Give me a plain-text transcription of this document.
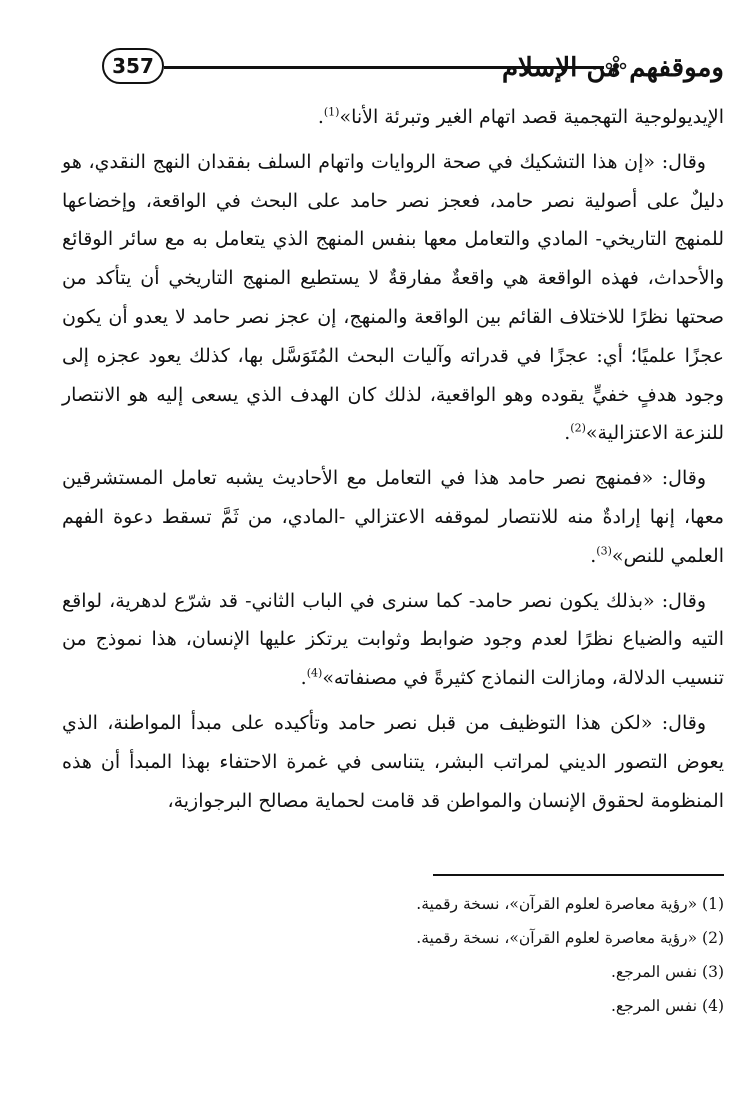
357	وموقفهم من الإسلام

الإيديولوجية التهجمية قصد اتهام الغير وتبرئة الأنا»$^{(1)}$.

وقال: «إن هذا التشكيك في صحة الروايات واتهام السلف بفقدان النهج النقدي، هو دليلٌ على أصولية نصر حامد، فعجز نصر حامد على البحث في الواقعة، وإخضاعها للمنهج التاريخي- المادي والتعامل معها بنفس المنهج الذي يتعامل به مع سائر الوقائع والأحداث، فهذه الواقعة هي واقعةٌ مفارقةٌ لا يستطيع المنهج التاريخي أن يتأكد من صحتها نظرًا للاختلاف القائم بين الواقعة والمنهج، إن عجز نصر حامد لا يعدو أن يكون عجزًا علميًا؛ أي: عجزًا في قدراته وآليات البحث المُتَوَسَّل بها، كذلك يعود عجزه إلى وجود هدفٍ خفيٍّ يقوده وهو الواقعية، لذلك كان الهدف الذي يسعى إليه هو الانتصار للنزعة الاعتزالية»$^{(2)}$.

وقال: «فمنهج نصر حامد هذا في التعامل مع الأحاديث يشبه تعامل المستشرقين معها، إنها إرادةٌ منه للانتصار لموقفه الاعتزالي -المادي، من ثَمَّ تسقط دعوة الفهم العلمي للنص»$^{(3)}$.

وقال: «بذلك يكون نصر حامد- كما سنرى في الباب الثاني- قد شرّع لدهرية، لواقع التيه والضياع نظرًا لعدم وجود ضوابط وثوابت يرتكز عليها الإنسان، هذا نموذج من تنسيب الدلالة، ومازالت النماذج كثيرةً في مصنفاته»$^{(4)}$.

وقال: «لكن هذا التوظيف من قبل نصر حامد وتأكيده على مبدأ المواطنة، الذي يعوض التصور الديني لمراتب البشر، يتناسى في غمرة الاحتفاء بهذا المبدأ أن هذه المنظومة لحقوق الإنسان والمواطن قد قامت لحماية مصالح البرجوازية،

(1) «رؤية معاصرة لعلوم القرآن»، نسخة رقمية.

(2) «رؤية معاصرة لعلوم القرآن»، نسخة رقمية.

(3) نفس المرجع.

(4) نفس المرجع.
